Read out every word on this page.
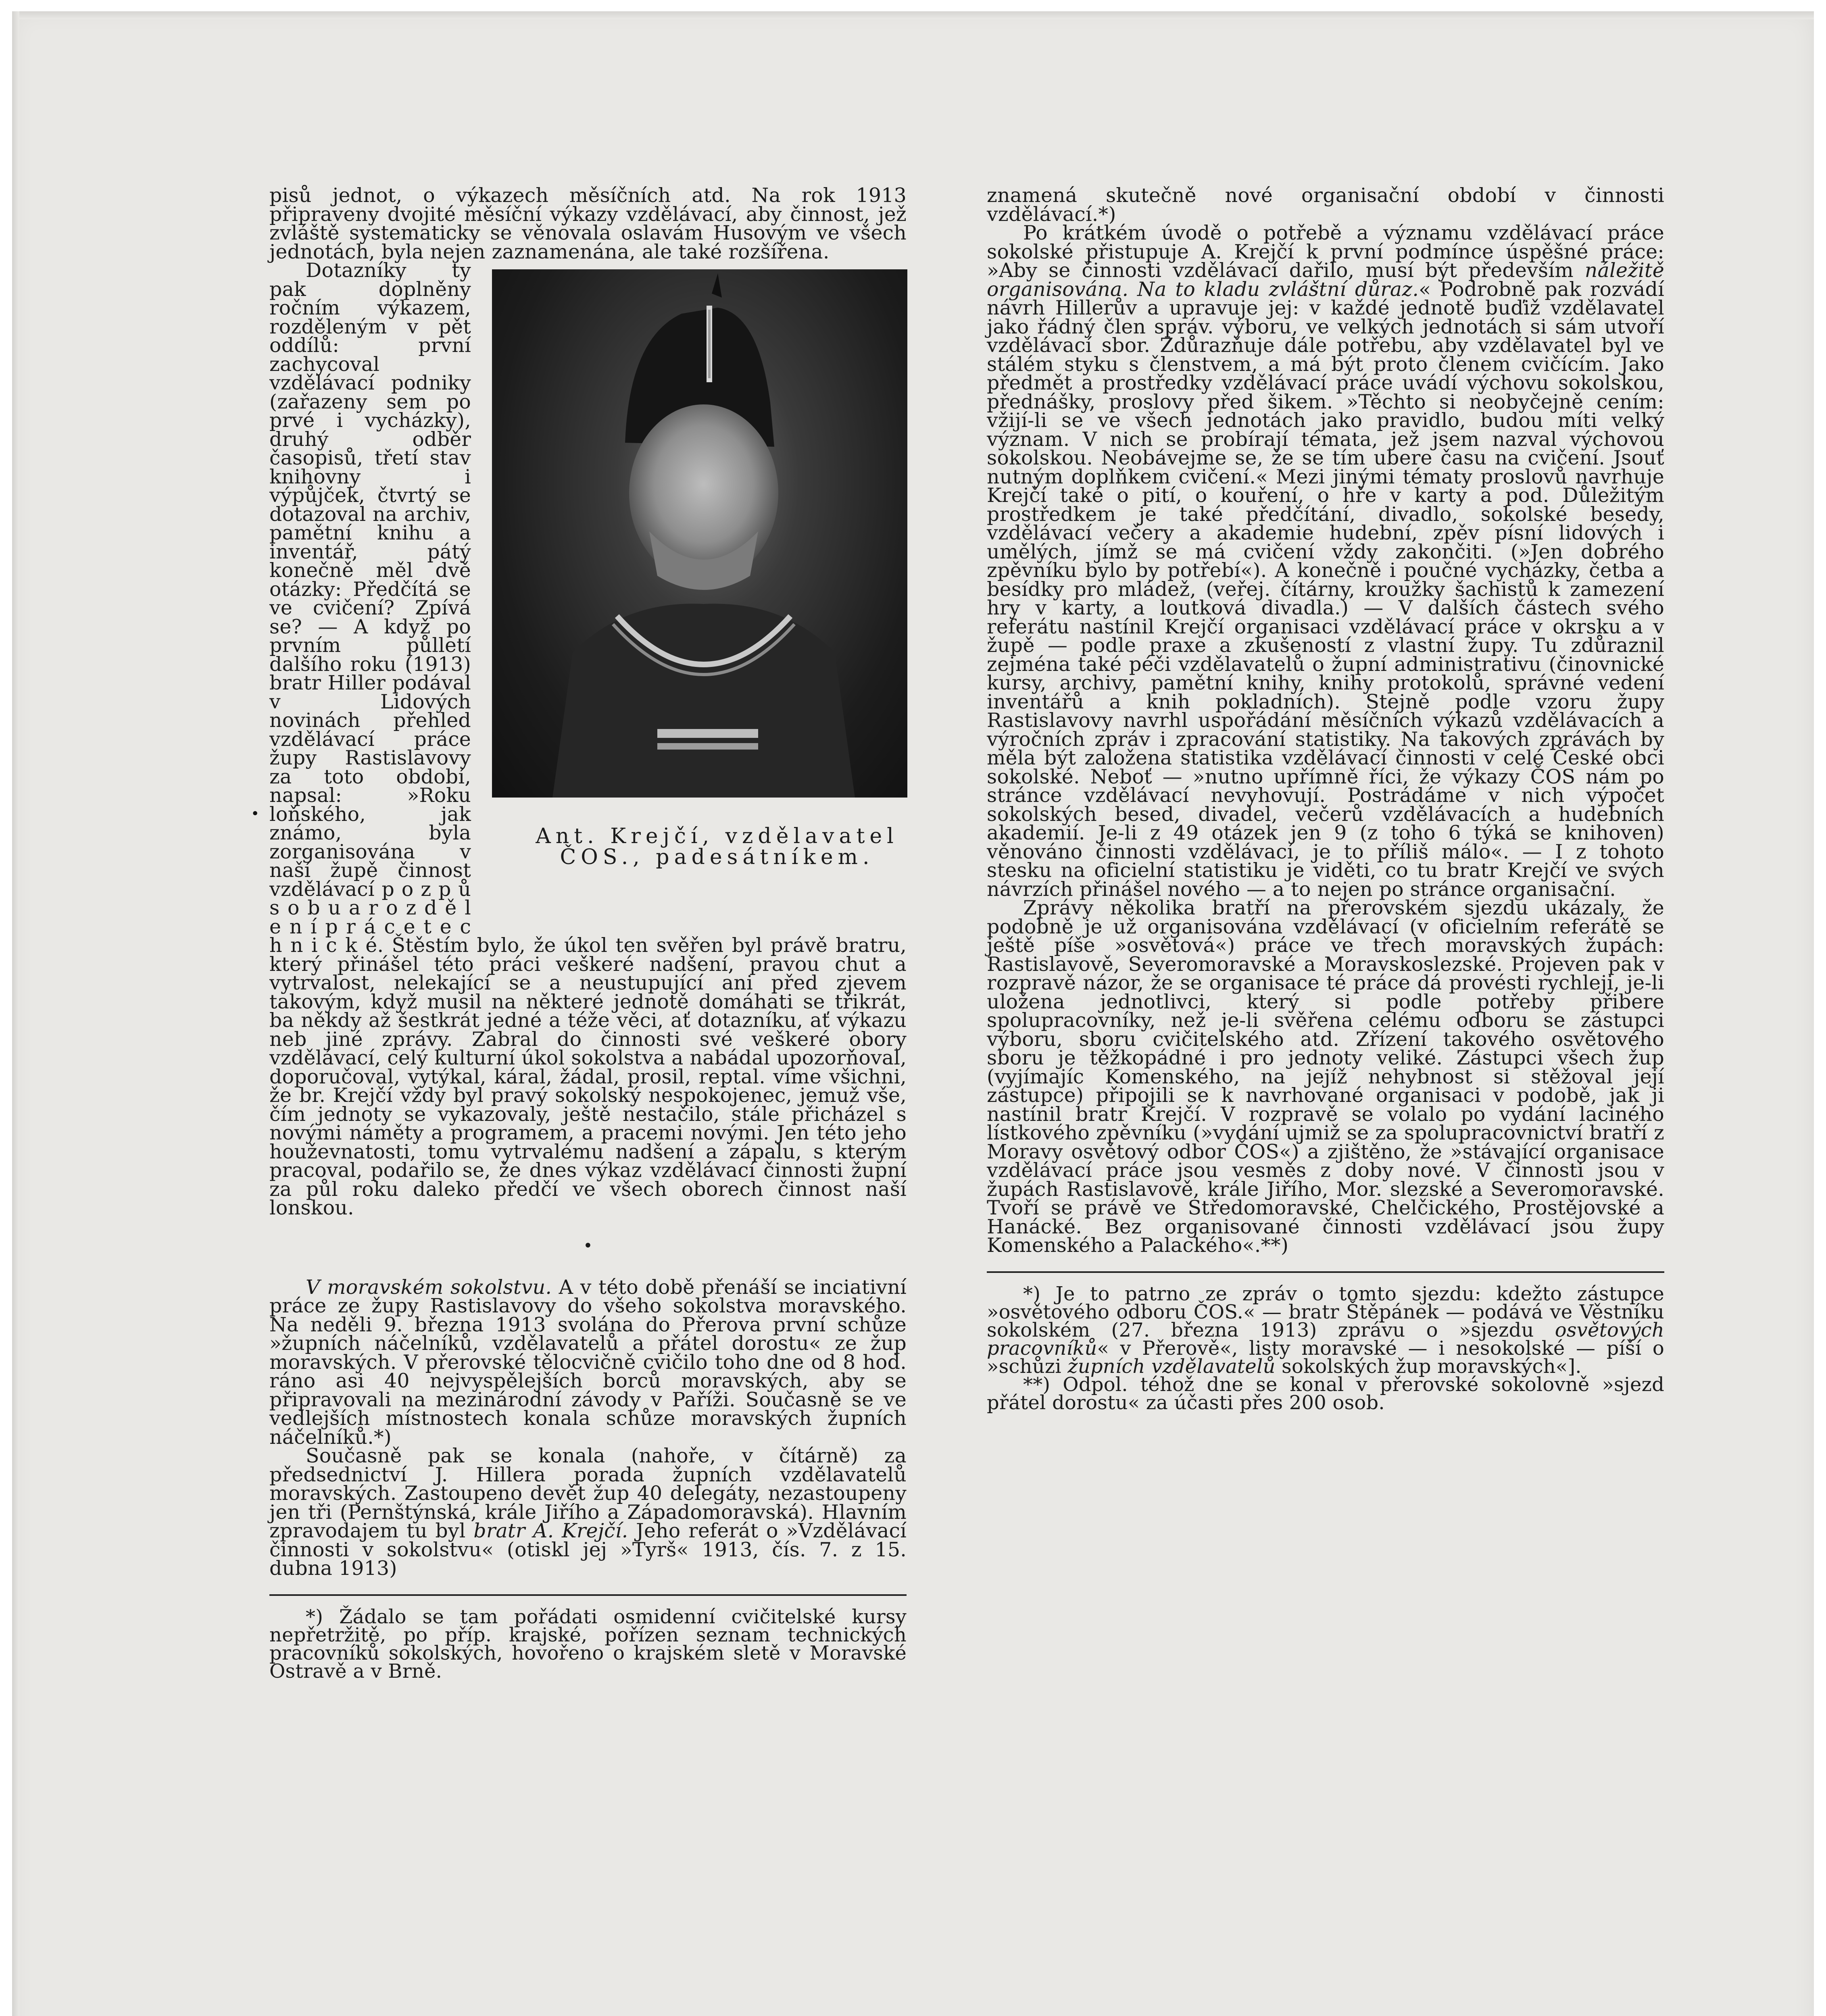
•

pisů jednot, o výkazech měsíčních atd. Na rok 1913 připraveny dvojité měsíční výkazy vzdělávací, aby činnost, jež zvláště systematicky se věnovala oslavám Husovým ve všech jednotách, byla nejen zaznamenána, ale také rozšířena.

Ant. Krejčí, vzdělavatel
ČOS., padesátníkem.
Dotazníky ty pak doplněny ročním výkazem, rozděleným v pět oddílů: první zachycoval vzdělávací podniky (zařazeny sem po prvé i vycházky), druhý odběr časopisů, třetí stav knihovny i výpůjček, čtvrtý se dotazoval na archiv, pamětní knihu a inventář, pátý konečně měl dvě otázky: Předčítá se ve cvičení? Zpívá se? — A když po prvním půlletí dalšího roku (1913) bratr Hiller podával v Lidových novinách přehled vzdělávací práce župy Rastislavovy za toto období, napsal: »Roku loňského, jak známo, byla zorganisována v naší župě činnost vzdělávací p o z p ů s o b u a r o z d ě l e n í p r á c e t e c h n i c k é. Štěstím bylo, že úkol ten svěřen byl právě bratru, který přinášel této práci veškeré nadšení, pravou chut a vytrvalost, nelekající se a neustupující ani před zjevem takovým, když musil na některé jednotě domáhati se třikrát, ba někdy až šestkrát jedné a téže věci, ať dotazníku, ať výkazu neb jiné zprávy. Zabral do činnosti své veškeré obory vzdělávací, celý kulturní úkol sokolstva a nabádal upozorňoval, doporučoval, vytýkal, káral, žádal, prosil, reptal. víme všichni, že br. Krejčí vždy byl pravý sokolský nespokojenec, jemuž vše, čím jednoty se vykazovaly, ještě nestačilo, stále přicházel s novými náměty a programem, a pracemi novými. Jen této jeho houževnatosti, tomu vytrvalému nadšení a zápalu, s kterým pracoval, podařilo se, že dnes výkaz vzdělávací činnosti župní za půl roku daleko předčí ve všech oborech činnost naší lonskou.

•

V moravském sokolstvu. A v této době přenáší se inciativní práce ze župy Rastislavovy do všeho sokolstva moravského. Na neděli 9. března 1913 svolána do Přerova první schůze »župních náčelníků, vzdělavatelů a přátel dorostu« ze žup moravských. V přerovské tělocvičně cvičilo toho dne od 8 hod. ráno asi 40 nejvyspělejších borců moravských, aby se připravovali na mezinárodní závody v Paříži. Současně se ve vedlejších místnostech konala schůze moravských župních náčelníků.*)

Současně pak se konala (nahoře, v čítárně) za předsednictví J. Hillera porada župních vzdělavatelů moravských. Zastoupeno devět žup 40 delegáty, nezastoupeny jen tři (Pernštýnská, krále Jiřího a Západomoravská). Hlavním zpravodajem tu byl bratr A. Krejčí. Jeho referát o »Vzdělávací činnosti v sokolstvu« (otiskl jej »Tyrš« 1913, čís. 7. z 15. dubna 1913)

*) Žádalo se tam pořádati osmidenní cvičitelské kursy nepřetržitě, po příp. krajské, pořízen seznam technických pracovníků sokolských, hovořeno o krajském sletě v Moravské Ostravě a v Brně.

znamená skutečně nové organisační období v činnosti vzdělávací.*)

Po krátkém úvodě o potřebě a významu vzdělávací práce sokolské přistupuje A. Krejčí k první podmínce úspěšné práce: »Aby se činnosti vzdělávací dařilo, musí být především náležitě organisována. Na to kladu zvláštní důraz.« Podrobně pak rozvádí návrh Hillerův a upravuje jej: v každé jednotě buďiž vzdělavatel jako řádný člen správ. výboru, ve velkých jednotách si sám utvoří vzdělávací sbor. Zdůrazňuje dále potřebu, aby vzdělavatel byl ve stálém styku s členstvem, a má být proto členem cvičícím. Jako předmět a prostředky vzdělávací práce uvádí výchovu sokolskou, přednášky, proslovy před šikem. »Těchto si neobyčejně cením: vžijí-li se ve všech jednotách jako pravidlo, budou míti velký význam. V nich se probírají témata, jež jsem nazval výchovou sokolskou. Neobávejme se, že se tím ubere času na cvičení. Jsouť nutným doplňkem cvičení.« Mezi jinými tématy proslovů navrhuje Krejčí také o pití, o kouření, o hře v karty a pod. Důležitým prostředkem je také předčítání, divadlo, sokolské besedy, vzdělávací večery a akademie hudební, zpěv písní lidových i umělých, jímž se má cvičení vždy zakončiti. (»Jen dobrého zpěvníku bylo by potřebí«). A konečně i poučné vycházky, četba a besídky pro mládež, (veřej. čítárny, kroužky šachistů k zamezení hry v karty, a loutková divadla.) — V dalších částech svého referátu nastínil Krejčí organisaci vzdělávací práce v okrsku a v župě — podle praxe a zkušeností z vlastní župy. Tu zdůraznil zejména také péči vzdělavatelů o župní administrativu (činovnické kursy, archivy, pamětní knihy, knihy protokolů, správné vedení inventářů a knih pokladních). Stejně podle vzoru župy Rastislavovy navrhl uspořádání měsíčních výkazů vzdělávacích a výročních zpráv i zpracování statistiky. Na takových zprávách by měla být založena statistika vzdělávací činnosti v celé České obci sokolské. Neboť — »nutno upřímně říci, že výkazy ČOS nám po stránce vzdělávací nevyhovují. Postrádáme v nich výpočet sokolských besed, divadel, večerů vzdělávacích a hudebních akademií. Je-li z 49 otázek jen 9 (z toho 6 týká se knihoven) věnováno činnosti vzdělávací, je to příliš málo«. — I z tohoto stesku na oficielní statistiku je viděti, co tu bratr Krejčí ve svých návrzích přinášel nového — a to nejen po stránce organisační.

Zprávy několika bratří na přerovském sjezdu ukázaly, že podobně je už organisována vzdělávací (v oficielním referátě se ještě píše »osvětová«) práce ve třech moravských župách: Rastislavově, Severomoravské a Moravskoslezské. Projeven pak v rozpravě názor, že se organisace té práce dá provésti rychleji, je-li uložena jednotlivci, který si podle potřeby přibere spolupracovníky, než je-li svěřena celému odboru se zástupci výboru, sboru cvičitelského atd. Zřízení takového osvětového sboru je těžkopádné i pro jednoty veliké. Zástupci všech žup (vyjímajíc Komenského, na jejíž nehybnost si stěžoval její zástupce) připojili se k navrhované organisaci v podobě, jak ji nastínil bratr Krejčí. V rozpravě se volalo po vydání laciného lístkového zpěvníku (»vydání ujmiž se za spolupracovnictví bratří z Moravy osvětový odbor ČOS«) a zjištěno, že »stávající organisace vzdělávací práce jsou vesměs z doby nové. V činnosti jsou v župách Rastislavově, krále Jiřího, Mor. slezské a Severomoravské. Tvoří se právě ve Středomoravské, Chelčického, Prostějovské a Hanácké. Bez organisované činnosti vzdělávací jsou župy Komenského a Palackého«.**)

*) Je to patrno ze zpráv o tomto sjezdu: kdežto zástupce »osvětového odboru ČOS.« — bratr Štěpánek — podává ve Věstníku sokolském (27. března 1913) zprávu o »sjezdu osvětových pracovníků« v Přerově«, listy moravské — i nesokolské — píší o »schůzi župních vzdělavatelů sokolských žup moravských«].

**) Odpol. téhož dne se konal v přerovské sokolovně »sjezd přátel dorostu« za účasti přes 200 osob.
